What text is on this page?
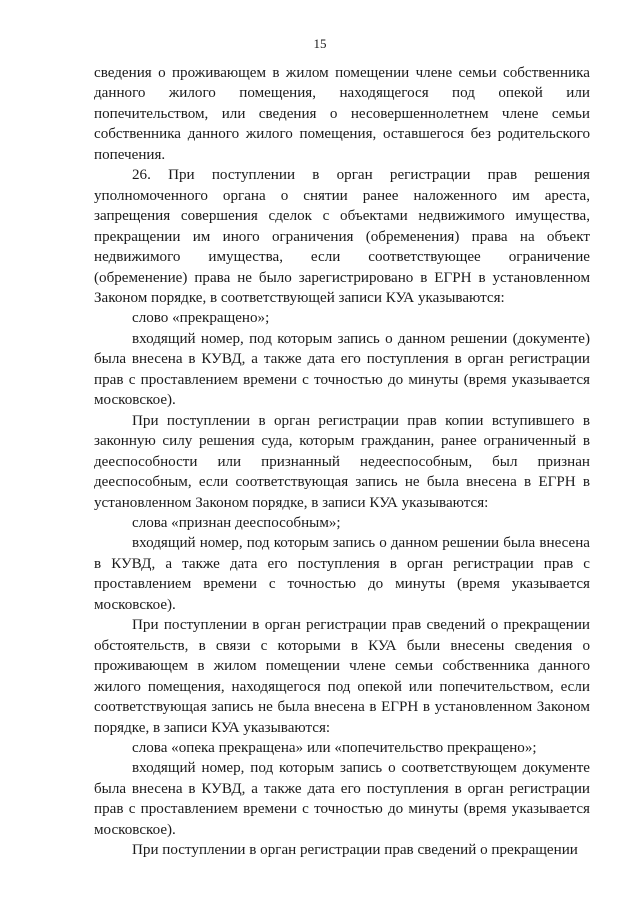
15

сведения о проживающем в жилом помещении члене семьи собственника данного жилого помещения, находящегося под опекой или попечительством, или сведения о несовершеннолетнем члене семьи собственника данного жилого помещения, оставшегося без родительского попечения.

26. При поступлении в орган регистрации прав решения уполномоченного органа о снятии ранее наложенного им ареста, запрещения совершения сделок с объектами недвижимого имущества, прекращении им иного ограничения (обременения) права на объект недвижимого имущества, если соответствующее ограничение (обременение) права не было зарегистрировано в ЕГРН в установленном Законом порядке, в соответствующей записи КУА указываются:

слово «прекращено»;

входящий номер, под которым запись о данном решении (документе) была внесена в КУВД, а также дата его поступления в орган регистрации прав с проставлением времени с точностью до минуты (время указывается московское).

При поступлении в орган регистрации прав копии вступившего в законную силу решения суда, которым гражданин, ранее ограниченный в дееспособности или признанный недееспособным, был признан дееспособным, если соответствующая запись не была внесена в ЕГРН в установленном Законом порядке, в записи КУА указываются:

слова «признан дееспособным»;

входящий номер, под которым запись о данном решении была внесена в КУВД, а также дата его поступления в орган регистрации прав с проставлением времени с точностью до минуты (время указывается московское).

При поступлении в орган регистрации прав сведений о прекращении обстоятельств, в связи с которыми в КУА были внесены сведения о проживающем в жилом помещении члене семьи собственника данного жилого помещения, находящегося под опекой или попечительством, если соответствующая запись не была внесена в ЕГРН в установленном Законом порядке, в записи КУА указываются:

слова «опека прекращена» или «попечительство прекращено»;

входящий номер, под которым запись о соответствующем документе была внесена в КУВД, а также дата его поступления в орган регистрации прав с проставлением времени с точностью до минуты (время указывается московское).

При поступлении в орган регистрации прав сведений о прекращении
